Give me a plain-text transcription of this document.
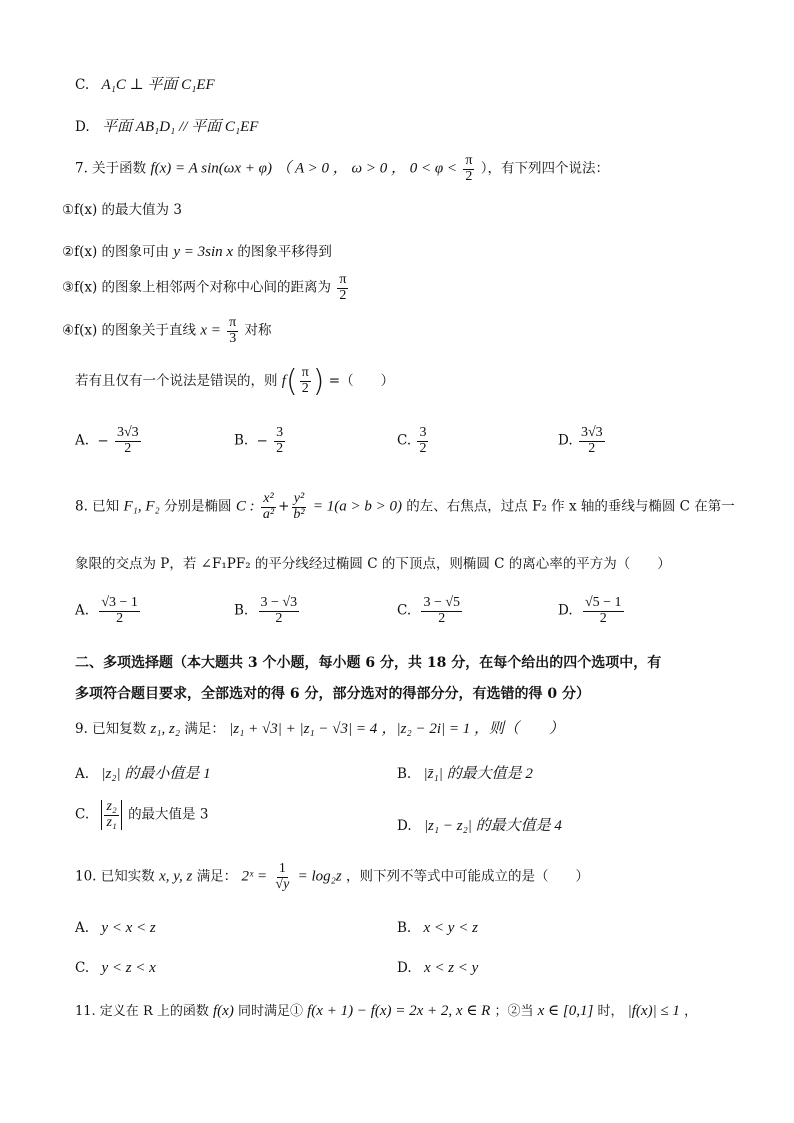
C. A₁C ⊥ 平面 C₁EF
D. 平面 AB₁D₁ // 平面 C₁EF
7. 关于函数 f(x) = A sin(ωx + φ) （ A > 0 ， ω > 0 ， $0 < \varphi < \frac{\pi}{2}$ ），有下列四个说法：
①f(x) 的最大值为 3
②f(x) 的图象可由 y = 3sin x 的图象平移得到
③f(x) 的图象上相邻两个对称中心间的距离为 $\frac{\pi}{2}$
④f(x) 的图象关于直线 $x = \frac{\pi}{3}$ 对称
若有且仅有一个说法是错误的，则 $f( \frac{\pi}{2}$ ) =（　　）
A. − $\frac{3√3}{2}$	B. − $\frac{3}{2}$	C. $\frac{3}{2}$	D. $\frac{3√3}{2}$
8. 已知 F₁, F₂ 分别是椭圆 C : $\frac{\text{x²}}{\text{a²}} + \frac{\text{y²}}{\text{b²}} = 1(a > b > 0)$ 的左、右焦点，过点 F₂ 作 x 轴的垂线与椭圆 C 在第一
象限的交点为 P，若 ∠F₁PF₂ 的平分线经过椭圆 C 的下顶点，则椭圆 C 的离心率的平方为（　　）
A. $\frac{√3 - 1}{2}$	B. $\frac{3 - √3}{2}$	C. $\frac{3 - √5}{2}$	D. $\frac{√5 - 1}{2}$
二、多项选择题（本大题共 3 个小题，每小题 6 分，共 18 分，在每个给出的四个选项中，有
多项符合题目要求，全部选对的得 6 分，部分选对的得部分分，有选错的得 0 分）
9. 已知复数 z₁, z₂ 满足： |z₁ + √3| + |z₁ − √3| = 4 ，|z₂ − 2i| = 1 ，则（　　）
A. |z₂| 的最小值是 1	B. |z̄₁| 的最大值是 2
C. $\frac{\text{z₂}}{\text{z₁}}$ 的最大值是 3
D. |z₁ − z₂| 的最大值是 4
10. 已知实数 x, y, z 满足： 2ˣ = $\frac{1}{√y} = \log_2z$ ，则下列不等式中可能成立的是（　　）
A. y < x < z	B. x < y < z
C. y < z < x	D. x < z < y
11. 定义在 R 上的函数 f(x) 同时满足① f(x + 1) − f(x) = 2x + 2, x ∈ R ；②当 x ∈ [0,1] 时， |f(x)| ≤ 1 ，
